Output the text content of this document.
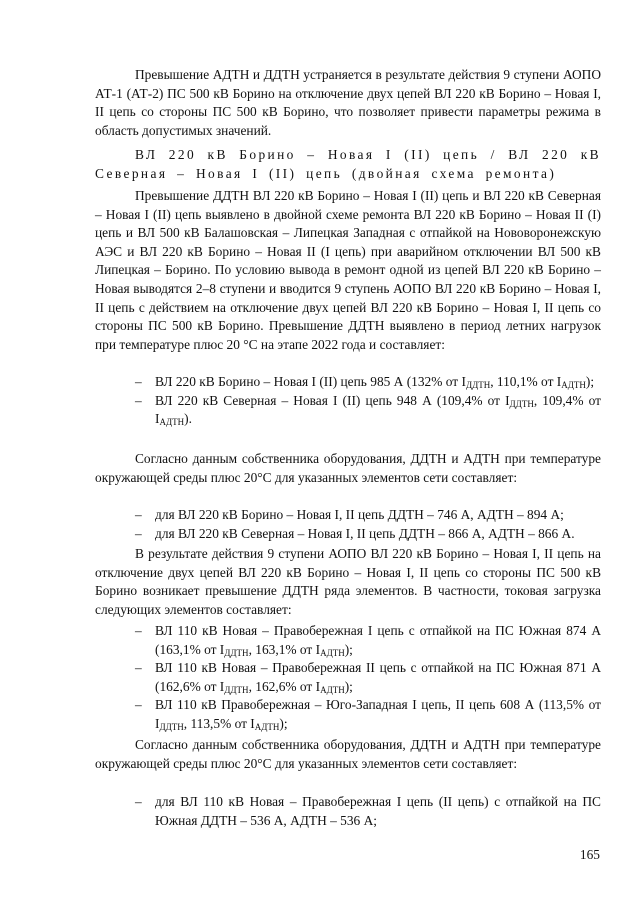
Превышение АДТН и ДДТН устраняется в результате действия 9 ступени АОПО АТ-1 (АТ-2) ПС 500 кВ Борино на отключение двух цепей ВЛ 220 кВ Борино – Новая I, II цепь со стороны ПС 500 кВ Борино, что позволяет привести параметры режима в область допустимых значений.

ВЛ 220 кВ Борино – Новая I (II) цепь / ВЛ 220 кВ
Северная – Новая I (II) цепь (двойная схема ремонта)

Превышение ДДТН ВЛ 220 кВ Борино – Новая I (II) цепь и ВЛ 220 кВ Северная – Новая I (II) цепь выявлено в двойной схеме ремонта ВЛ 220 кВ Борино – Новая II (I) цепь и ВЛ 500 кВ Балашовская – Липецкая Западная с отпайкой на Нововоронежскую АЭС и ВЛ 220 кВ Борино – Новая II (I цепь) при аварийном отключении ВЛ 500 кВ Липецкая – Борино. По условию вывода в ремонт одной из цепей ВЛ 220 кВ Борино – Новая выводятся 2–8 ступени и вводится 9 ступень АОПО ВЛ 220 кВ Борино – Новая I, II цепь с действием на отключение двух цепей ВЛ 220 кВ Борино – Новая I, II цепь со стороны ПС 500 кВ Борино. Превышение ДДТН выявлено в период летних нагрузок при температуре плюс 20 °С на этапе 2022 года и составляет:

– ВЛ 220 кВ Борино – Новая I (II) цепь 985 А (132% от $I_{ДДТН}$, 110,1% от $I_{АДТН}$);
– ВЛ 220 кВ Северная – Новая I (II) цепь 948 А (109,4% от $I_{ДДТН}$, 109,4% от $I_{АДТН}$).

Согласно данным собственника оборудования, ДДТН и АДТН при температуре окружающей среды плюс 20°С для указанных элементов сети составляет:

– для ВЛ 220 кВ Борино – Новая I, II цепь ДДТН – 746 А, АДТН – 894 А;
– для ВЛ 220 кВ Северная – Новая I, II цепь ДДТН – 866 А, АДТН – 866 А.

В результате действия 9 ступени АОПО ВЛ 220 кВ Борино – Новая I, II цепь на отключение двух цепей ВЛ 220 кВ Борино – Новая I, II цепь со стороны ПС 500 кВ Борино возникает превышение ДДТН ряда элементов. В частности, токовая загрузка следующих элементов составляет:

– ВЛ 110 кВ Новая – Правобережная I цепь с отпайкой на ПС Южная 874 А (163,1% от $I_{ДДТН}$, 163,1% от $I_{АДТН}$);
– ВЛ 110 кВ Новая – Правобережная II цепь с отпайкой на ПС Южная 871 А (162,6% от $I_{ДДТН}$, 162,6% от $I_{АДТН}$);
– ВЛ 110 кВ Правобережная – Юго-Западная I цепь, II цепь 608 А (113,5% от $I_{ДДТН}$, 113,5% от $I_{АДТН}$);

Согласно данным собственника оборудования, ДДТН и АДТН при температуре окружающей среды плюс 20°С для указанных элементов сети составляет:

– для ВЛ 110 кВ Новая – Правобережная I цепь (II цепь) с отпайкой на ПС Южная ДДТН – 536 А, АДТН – 536 А;
165
